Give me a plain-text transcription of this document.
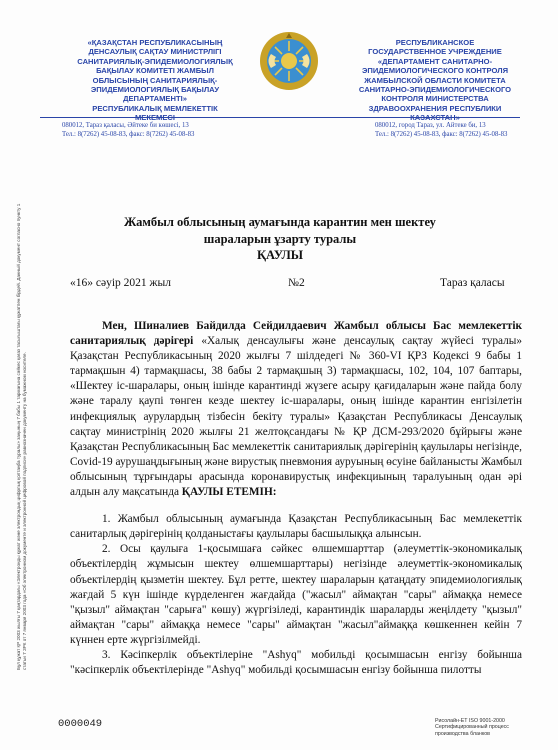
«ҚАЗАҚСТАН РЕСПУБЛИКАСЫНЫҢ
ДЕНСАУЛЫҚ САҚТАУ МИНИСТРЛІГІ
САНИТАРИЯЛЫҚ-ЭПИДЕМИОЛОГИЯЛЫҚ
БАҚЫЛАУ КОМИТЕТІ ЖАМБЫЛ
ОБЛЫСЫНЫҢ САНИТАРИЯЛЫҚ-
ЭПИДЕМИОЛОГИЯЛЫҚ БАҚЫЛАУ
ДЕПАРТАМЕНТІ»
РЕСПУБЛИКАЛЫҚ МЕМЛЕКЕТТІК
РЕСПУБЛИКАНСКОЕ
ГОСУДАРСТВЕННОЕ УЧРЕЖДЕНИЕ
«ДЕПАРТАМЕНТ САНИТАРНО-
ЭПИДЕМИОЛОГИЧЕСКОГО КОНТРОЛЯ
ЖАМБЫЛСКОЙ ОБЛАСТИ КОМИТЕТА
САНИТАРНО-ЭПИДЕМИОЛОГИЧЕСКОГО
КОНТРОЛЯ МИНИСТЕРСТВА
ЗДРАВООХРАНЕНИЯ РЕСПУБЛИКИ
080012, Тараз қаласы, Әйтеке би көшесі, 13
Тел.: 8(7262) 45-08-83, факс: 8(7262) 45-08-83
080012, город Тараз, ул. Айтеке би, 13
Тел.: 8(7262) 45-08-83, факс: 8(7262) 45-08-83
Бұл құжат ҚР 2003 жылғы 7 қаңтардағы «Электронды құжат және электрондық цифрлық қолтаңба туралы» заңының 7 бабы 1 тармағына сәйкес қағаз тасығыштағы құжатпен бірдей. Данный документ согласно пункту 1 статьи 7 ЗРК от 7 января 2003 года «Об электронном документе и электронной цифровой подписи» равнозначен документу на бумажном носителе.
Жамбыл облысының аумағында карантин мен шектеу
шараларын ұзарту туралы
ҚАУЛЫ
«16» сәуір 2021 жыл	№2	Тараз қаласы

Мен, Шиналиев Байдилда Сейдилдаевич Жамбыл облысы Бас мемлекеттік санитариялық дәрігері «Халық денсаулығы және денсаулық сақтау жүйесі туралы» Қазақстан Республикасының 2020 жылғы 7 шілдедегі № 360-VI ҚРЗ Кодексі 9 бабы 1 тармақшын 4) тармақшасы, 38 бабы 2 тармақшың 3) тармақшасы, 102, 104, 107 баптары, «Шектеу іс-шаралары, оның ішінде карантинді жүзеге асыру қағидаларын және пайда болу және таралу қаупі төнген кезде шектеу іс-шаралары, оның ішінде карантин енгізілетін инфекциялық аурулардың тізбесін бекіту туралы» Қазақстан Республикасы Денсаулық сақтау министрінің 2020 жылғы 21 желтоқсандағы № ҚР ДСМ-293/2020 бұйрығы және Қазақстан Республикасының Бас мемлекеттік санитариялық дәрігерінің қаулылары негізінде, Covid-19 аурушаңдығының және вирустық пневмония ауруының өсуіне байланысты Жамбыл облысының тұрғындары арасында коронавирустық инфекциының таралуының одан әрі алдын алу мақсатында ҚАУЛЫ ЕТЕМІН:

1. Жамбыл облысының аумағында Қазақстан Республикасының Бас мемлекеттік санитарлық дәрігерінің қолданыстағы қаулылары басшылыққа алынсын.

2. Осы қаулыға 1-қосымшаға сәйкес өлшемшарттар (әлеуметтік-экономикалық объектілердің жұмысын шектеу өлшемшарттары) негізінде әлеуметтік-экономикалық объектілердің қызметін шектеу. Бұл ретте, шектеу шараларын қатаңдату эпидемиологиялық жағдай 5 күн ішінде күрделенген жағдайда ("жасыл" аймақтан "сары" аймаққа немесе "қызыл" аймақтан "сарыға" көшу) жүргізіледі, карантиндік шараларды жеңілдету "қызыл" аймақтан "сары" аймаққа немесе "сары" аймақтан "жасыл"аймаққа көшкеннен кейін 7 күннен ерте жүргізілмейді.

3. Кәсіпкерлік объектілеріне "Ashyq" мобильді қосымшасын енгізу бойынша "кәсіпкерлік объектілерінде "Ashyq" мобильді қосымшасын енгізу бойынша пилотты

0000049	Рисолайн-ЕТ ISO 9001-2000
Сертифицированный процесс
производства бланков
